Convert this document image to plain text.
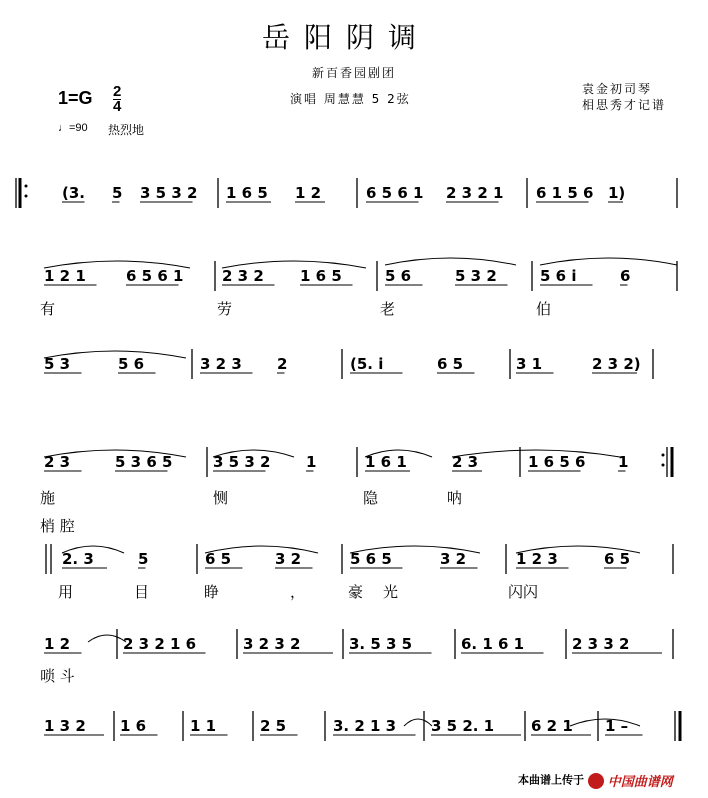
岳阳阴调
新百香园剧团
演唱 周慧慧 5 2弦
$1=G \frac{2}{4}$
♩=90 热烈地
袁金初司琴
相思秀才记谱
(3. 5 3 5 3 2 1 6 5 1 2	6 5 6 1 2 3 2 1 6 1 5 6 1)
1 2 1	6 5 6 1	2 3 2 1 6 5	5 6	5 3 2	5 6 i	6
5 3	5 6	3 2 3 2	(5. i	6 5	3 1	2 3 2)
2 3	5 3 6 5	3 5 3 2 1	1 6 1	2 3	1 6 5 6 1
2. 3	5	6 5	3 2	5 6 5	3 2	1 2 3	6 5
1 2	2 3 2 1 6	3 2 3 2	3. 5 3 5	6. 1 6 1	2 3 3 2
1 3 2 1 6	1 1	2 5	3. 2 1 3 3 5 2. 1 6 2 1 1 –
有	劳	老	伯
施	恻	隐	呐
梢 腔
用	目	睁	，	豪 光	闪闪
唢 斗
本曲谱上传于 中国曲谱网
